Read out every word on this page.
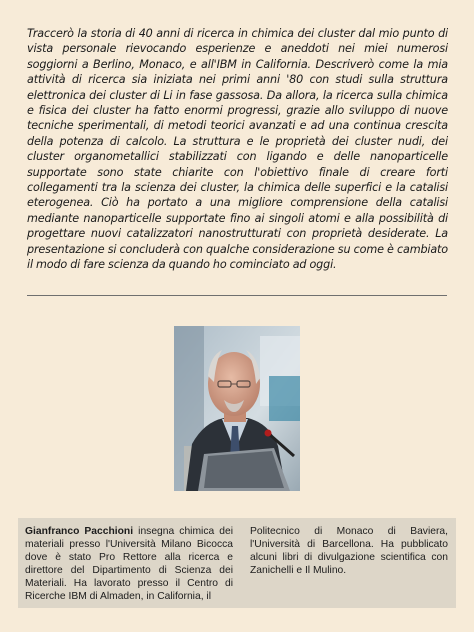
Traccerò la storia di 40 anni di ricerca in chimica dei cluster dal mio punto di vista personale rievocando esperienze e aneddoti nei miei numerosi soggiorni a Berlino, Monaco, e all'IBM in California. Descriverò come la mia attività di ricerca sia iniziata nei primi anni '80 con studi sulla struttura elettronica dei cluster di Li in fase gassosa. Da allora, la ricerca sulla chimica e fisica dei cluster ha fatto enormi progressi, grazie allo sviluppo di nuove tecniche sperimentali, di metodi teorici avanzati e ad una continua crescita della potenza di calcolo. La struttura e le proprietà dei cluster nudi, dei cluster organometallici stabilizzati con ligando e delle nanoparticelle supportate sono state chiarite con l'obiettivo finale di creare forti collegamenti tra la scienza dei cluster, la chimica delle superfici e la catalisi eterogenea. Ciò ha portato a una migliore comprensione della catalisi mediante nanoparticelle supportate fino ai singoli atomi e alla possibilità di progettare nuovi catalizzatori nanostrutturati con proprietà desiderate. La presentazione si concluderà con qualche considerazione su come è cambiato il modo di fare scienza da quando ho cominciato ad oggi.

Gianfranco Pacchioni insegna chimica dei materiali presso l'Università Milano Bicocca dove è stato Pro Rettore alla ricerca e direttore del Dipartimento di Scienza dei Materiali. Ha lavorato presso il Centro di Ricerche IBM di Almaden, in California, il

Politecnico di Monaco di Baviera, l'Università di Barcellona. Ha pubblicato alcuni libri di divulgazione scientifica con Zanichelli e Il Mulino.
